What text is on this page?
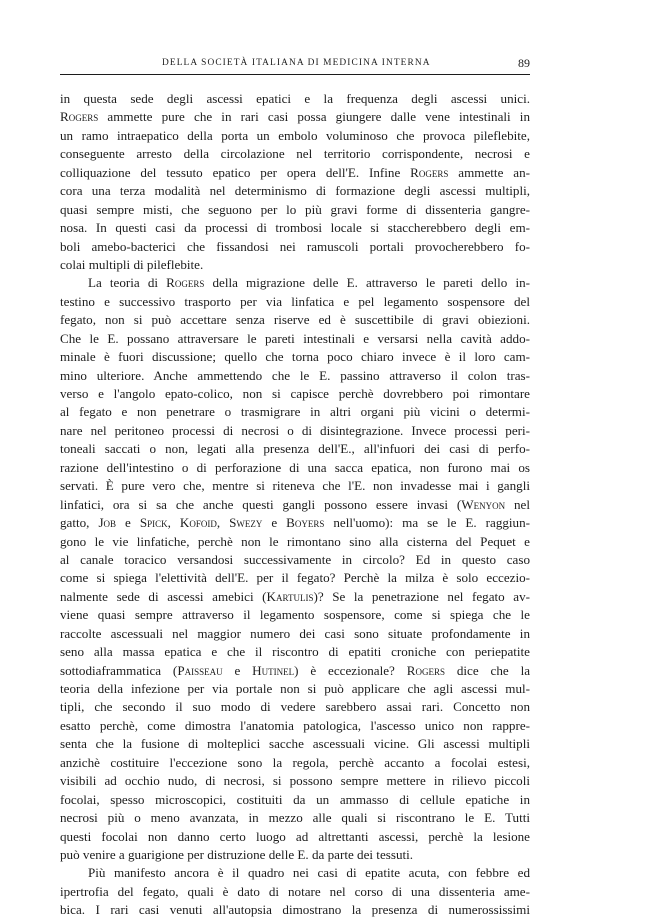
DELLA SOCIETÀ ITALIANA DI MEDICINA INTERNA	89
in questa sede degli ascessi epatici e la frequenza degli ascessi unici.
Rogers ammette pure che in rari casi possa giungere dalle vene intestinali in
un ramo intraepatico della porta un embolo voluminoso che provoca pileflebite,
conseguente arresto della circolazione nel territorio corrispondente, necrosi e
colliquazione del tessuto epatico per opera dell'E. Infine Rogers ammette an-
cora una terza modalità nel determinismo di formazione degli ascessi multipli,
quasi sempre misti, che seguono per lo più gravi forme di dissenteria gangre-
nosa. In questi casi da processi di trombosi locale si staccherebbero degli em-
boli amebo-bacterici che fissandosi nei ramuscoli portali provocherebbero fo-
colai multipli di pileflebite.
La teoria di Rogers della migrazione delle E. attraverso le pareti dello in-
testino e successivo trasporto per via linfatica e pel legamento sospensore del
fegato, non si può accettare senza riserve ed è suscettibile di gravi obiezioni.
Che le E. possano attraversare le pareti intestinali e versarsi nella cavità addo-
minale è fuori discussione; quello che torna poco chiaro invece è il loro cam-
mino ulteriore. Anche ammettendo che le E. passino attraverso il colon tras-
verso e l'angolo epato-colico, non si capisce perchè dovrebbero poi rimontare
al fegato e non penetrare o trasmigrare in altri organi più vicini o determi-
nare nel peritoneo processi di necrosi o di disintegrazione. Invece processi peri-
toneali saccati o non, legati alla presenza dell'E., all'infuori dei casi di perfo-
razione dell'intestino o di perforazione di una sacca epatica, non furono mai os
servati. È pure vero che, mentre si riteneva che l'E. non invadesse mai i gangli
linfatici, ora si sa che anche questi gangli possono essere invasi (Wenyon nel
gatto, Job e Spick, Kofoid, Swezy e Boyers nell'uomo): ma se le E. raggiun-
gono le vie linfatiche, perchè non le rimontano sino alla cisterna del Pequet e
al canale toracico versandosi successivamente in circolo? Ed in questo caso
come si spiega l'elettività dell'E. per il fegato? Perchè la milza è solo eccezio-
nalmente sede di ascessi amebici (Kartulis)? Se la penetrazione nel fegato av-
viene quasi sempre attraverso il legamento sospensore, come si spiega che le
raccolte ascessuali nel maggior numero dei casi sono situate profondamente in
seno alla massa epatica e che il riscontro di epatiti croniche con periepatite
sottodiaframmatica (Paisseau e Hutinel) è eccezionale? Rogers dice che la
teoria della infezione per via portale non si può applicare che agli ascessi mul-
tipli, che secondo il suo modo di vedere sarebbero assai rari. Concetto non
esatto perchè, come dimostra l'anatomia patologica, l'ascesso unico non rappre-
senta che la fusione di molteplici sacche ascessuali vicine. Gli ascessi multipli
anzichè costituire l'eccezione sono la regola, perchè accanto a focolai estesi,
visibili ad occhio nudo, di necrosi, si possono sempre mettere in rilievo piccoli
focolai, spesso microscopici, costituiti da un ammasso di cellule epatiche in
necrosi più o meno avanzata, in mezzo alle quali si riscontrano le E. Tutti
questi focolai non danno certo luogo ad altrettanti ascessi, perchè la lesione
può venire a guarigione per distruzione delle E. da parte dei tessuti.
Più manifesto ancora è il quadro nei casi di epatite acuta, con febbre ed
ipertrofia del fegato, quali è dato di notare nel corso di una dissenteria ame-
bica. I rari casi venuti all'autopsia dimostrano la presenza di numerossissimi
